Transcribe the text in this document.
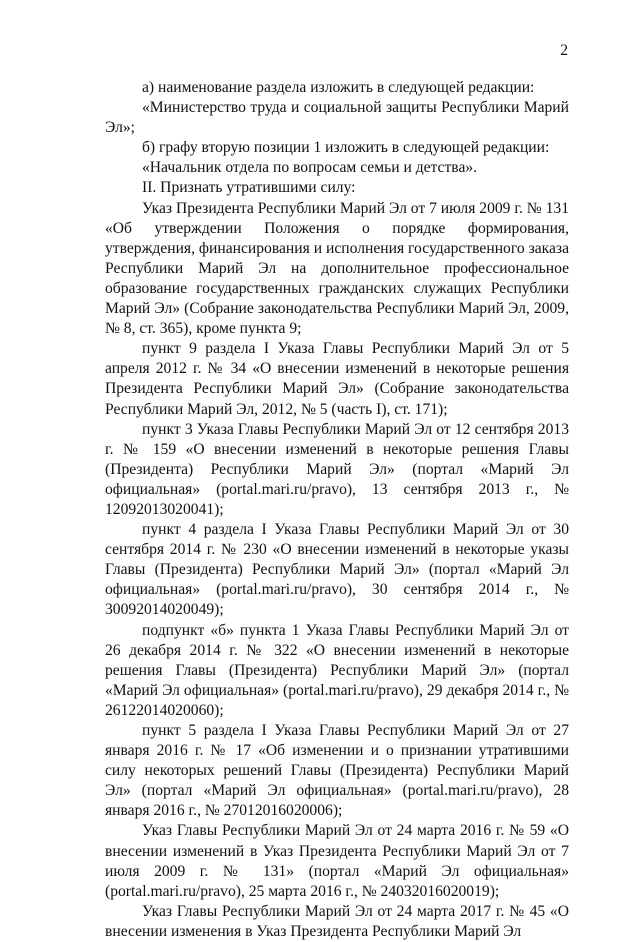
2

а) наименование раздела изложить в следующей редакции:

«Министерство труда и социальной защиты Республики Марий Эл»;

б) графу вторую позиции 1 изложить в следующей редакции:

«Начальник отдела по вопросам семьи и детства».

II. Признать утратившими силу:

Указ Президента Республики Марий Эл от 7 июля 2009 г. № 131 «Об утверждении Положения о порядке формирования, утверждения, финансирования и исполнения государственного заказа Республики Марий Эл на дополнительное профессиональное образование государственных гражданских служащих Республики Марий Эл» (Собрание законодательства Республики Марий Эл, 2009, № 8, ст. 365), кроме пункта 9;

пункт 9 раздела I Указа Главы Республики Марий Эл от 5 апреля 2012 г. № 34 «О внесении изменений в некоторые решения Президента Республики Марий Эл» (Собрание законодательства Республики Марий Эл, 2012, № 5 (часть I), ст. 171);

пункт 3 Указа Главы Республики Марий Эл от 12 сентября 2013 г. № 159 «О внесении изменений в некоторые решения Главы (Президента) Республики Марий Эл» (портал «Марий Эл официальная» (portal.mari.ru/pravo), 13 сентября 2013 г., № 12092013020041);

пункт 4 раздела I Указа Главы Республики Марий Эл от 30 сентября 2014 г. № 230 «О внесении изменений в некоторые указы Главы (Президента) Республики Марий Эл» (портал «Марий Эл официальная» (portal.mari.ru/pravo), 30 сентября 2014 г., № 30092014020049);

подпункт «б» пункта 1 Указа Главы Республики Марий Эл от 26 декабря 2014 г. № 322 «О внесении изменений в некоторые решения Главы (Президента) Республики Марий Эл» (портал «Марий Эл официальная» (portal.mari.ru/pravo), 29 декабря 2014 г., № 26122014020060);

пункт 5 раздела I Указа Главы Республики Марий Эл от 27 января 2016 г. № 17 «Об изменении и о признании утратившими силу некоторых решений Главы (Президента) Республики Марий Эл» (портал «Марий Эл официальная» (portal.mari.ru/pravo), 28 января 2016 г., № 27012016020006);

Указ Главы Республики Марий Эл от 24 марта 2016 г. № 59 «О внесении изменений в Указ Президента Республики Марий Эл от 7 июля 2009 г. № 131» (портал «Марий Эл официальная» (portal.mari.ru/pravo), 25 марта 2016 г., № 24032016020019);

Указ Главы Республики Марий Эл от 24 марта 2017 г. № 45 «О внесении изменения в Указ Президента Республики Марий Эл
